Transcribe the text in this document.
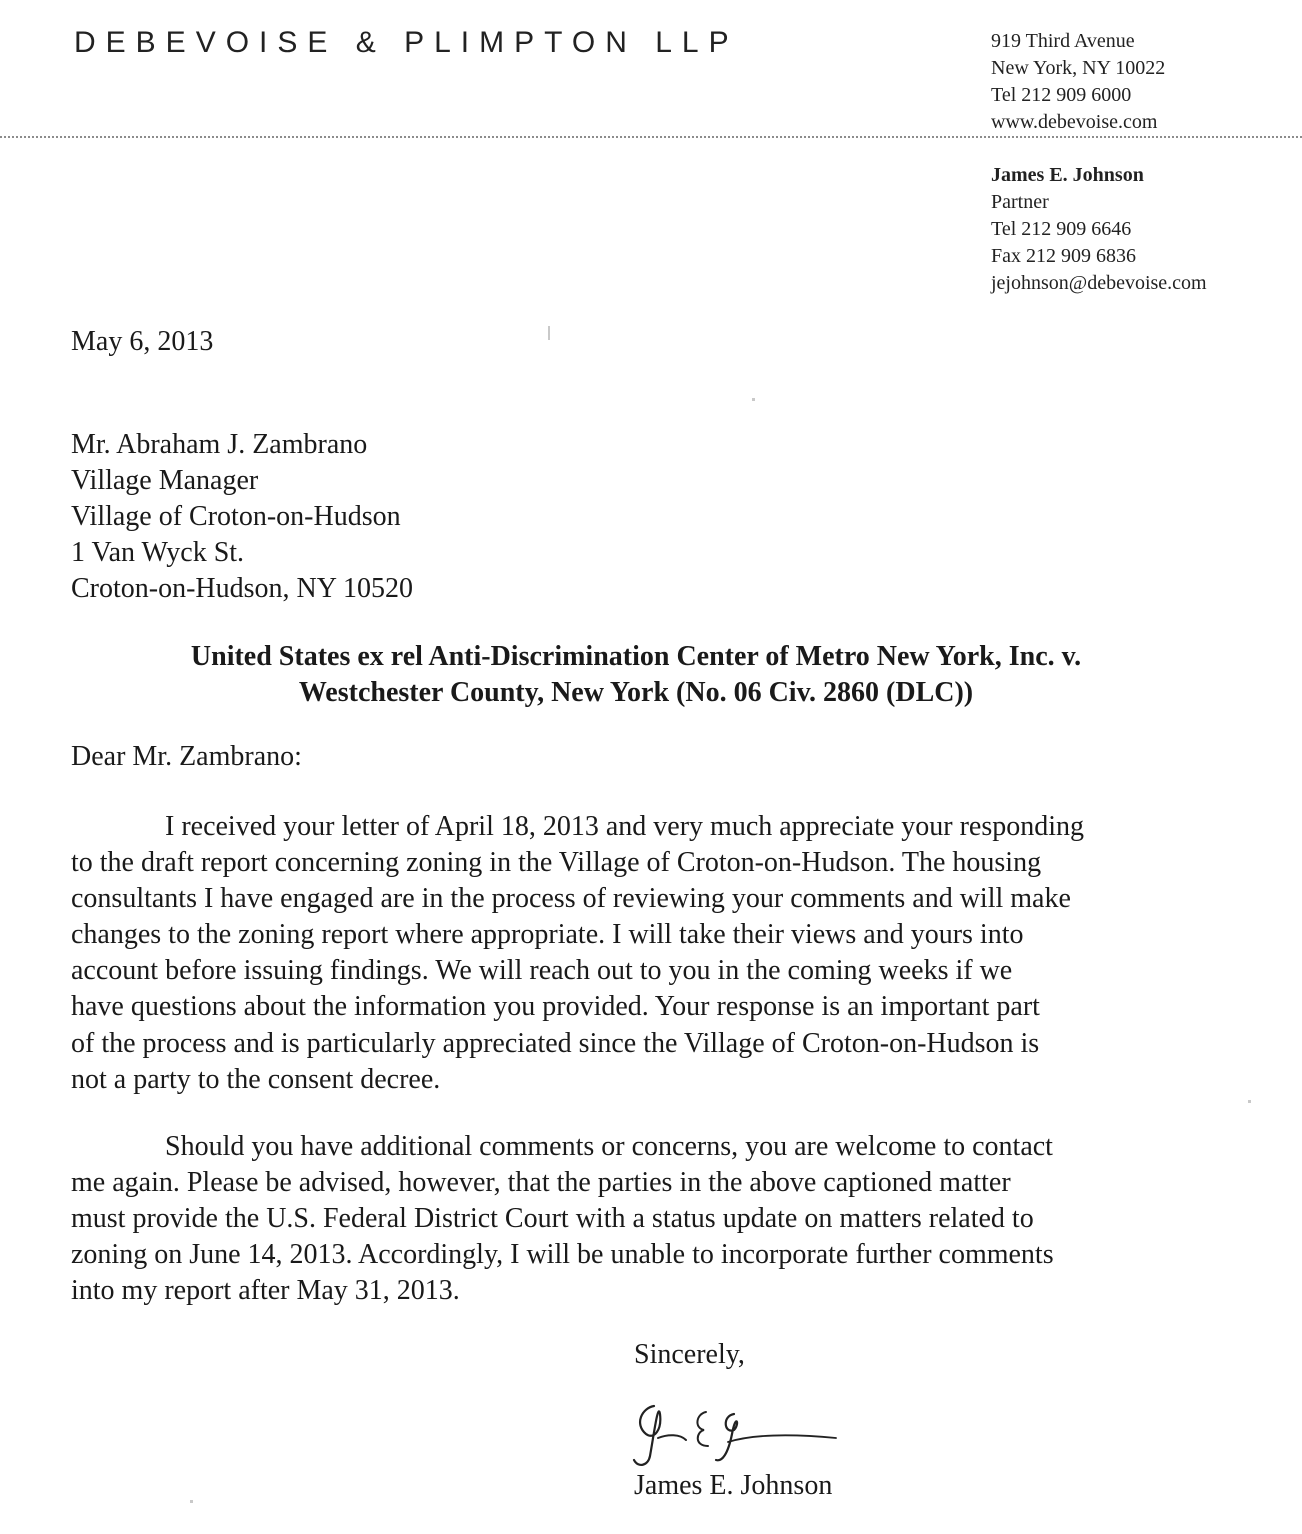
DEBEVOISE & PLIMPTON LLP	919 Third Avenue
New York, NY 10022
Tel 212 909 6000
www.debevoise.com
James E. Johnson
Partner
Tel 212 909 6646
Fax 212 909 6836
jejohnson@debevoise.com
May 6, 2013
Mr. Abraham J. Zambrano
Village Manager
Village of Croton-on-Hudson
1 Van Wyck St.
Croton-on-Hudson, NY 10520
United States ex rel Anti-Discrimination Center of Metro New York, Inc. v.
Westchester County, New York (No. 06 Civ. 2860 (DLC))
Dear Mr. Zambrano:
I received your letter of April 18, 2013 and very much appreciate your responding
to the draft report concerning zoning in the Village of Croton-on-Hudson. The housing
consultants I have engaged are in the process of reviewing your comments and will make
changes to the zoning report where appropriate. I will take their views and yours into
account before issuing findings. We will reach out to you in the coming weeks if we
have questions about the information you provided. Your response is an important part
of the process and is particularly appreciated since the Village of Croton-on-Hudson is
not a party to the consent decree.
Should you have additional comments or concerns, you are welcome to contact
me again. Please be advised, however, that the parties in the above captioned matter
must provide the U.S. Federal District Court with a status update on matters related to
zoning on June 14, 2013. Accordingly, I will be unable to incorporate further comments
into my report after May 31, 2013.
Sincerely,
James E. Johnson
